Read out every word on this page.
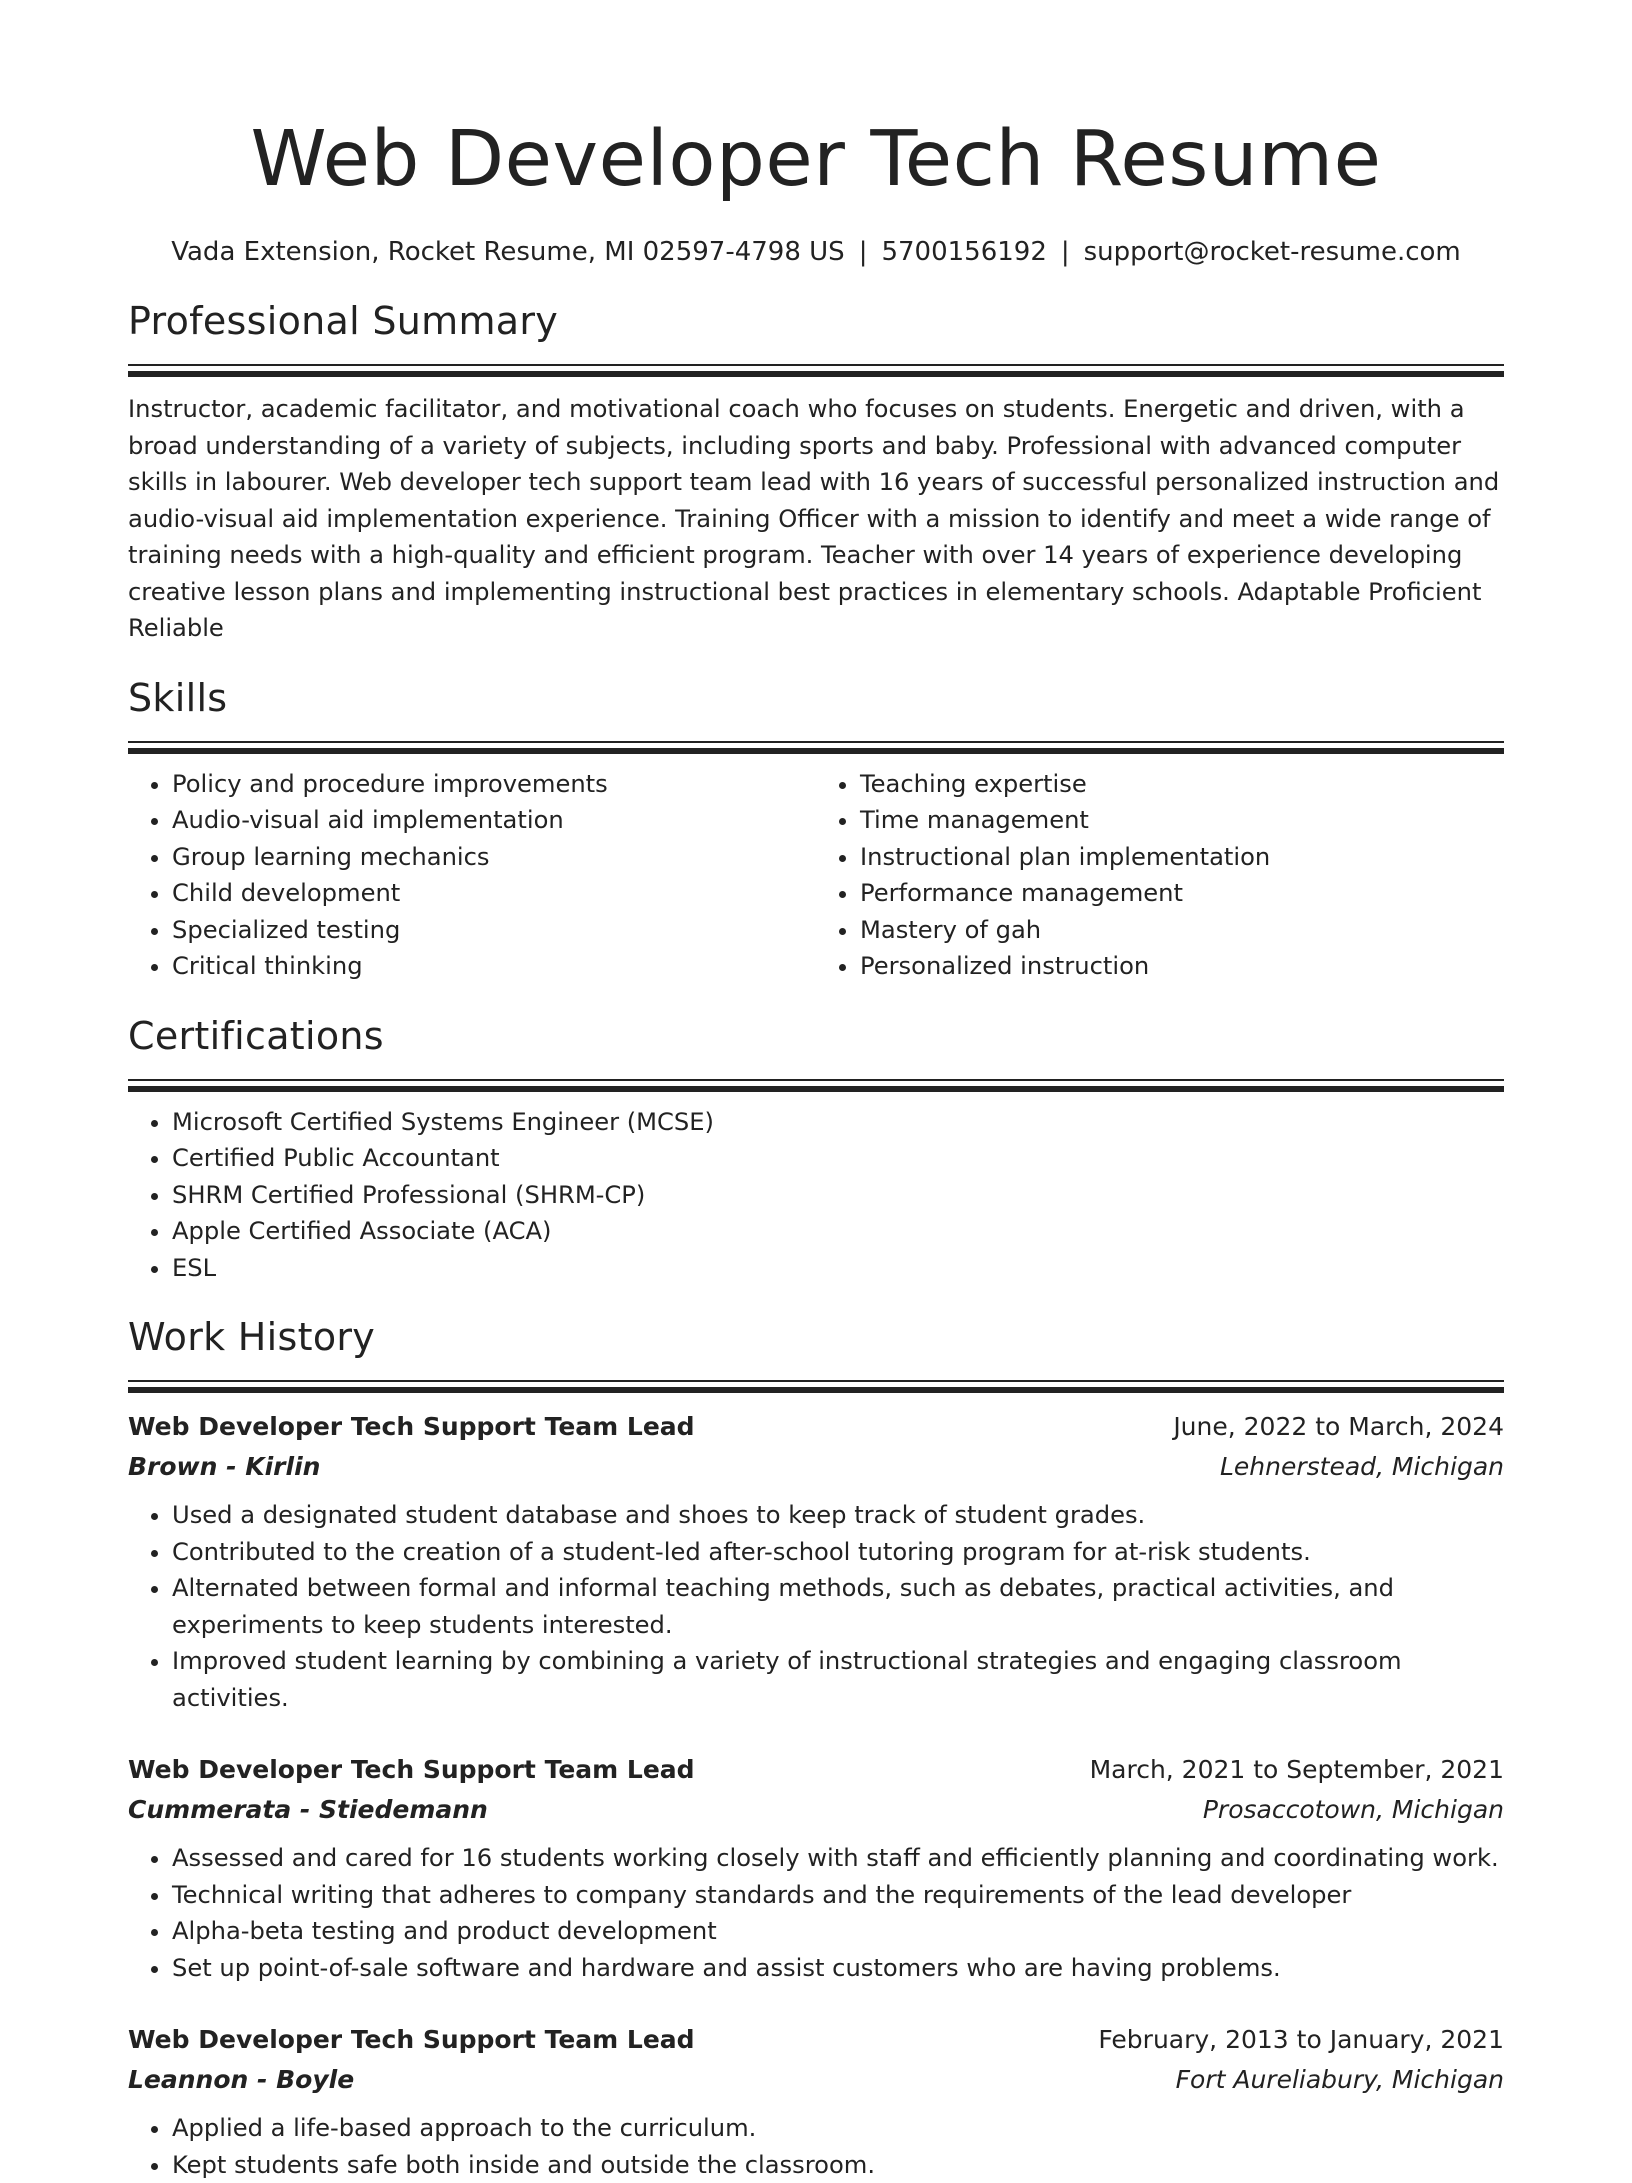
Web Developer Tech Resume
Vada Extension, Rocket Resume, MI 02597-4798 US | 5700156192 | support@rocket-resume.com
Professional Summary

Instructor, academic facilitator, and motivational coach who focuses on students. Energetic and driven, with a broad understanding of a variety of subjects, including sports and baby. Professional with advanced computer skills in labourer. Web developer tech support team lead with 16 years of successful personalized instruction and audio-visual aid implementation experience. Training Officer with a mission to identify and meet a wide range of training needs with a high-quality and efficient program. Teacher with over 14 years of experience developing creative lesson plans and implementing instructional best practices in elementary schools. Adaptable Proficient Reliable

Skills
• Policy and procedure improvements
• Audio-visual aid implementation
• Group learning mechanics
• Child development
• Specialized testing
• Critical thinking
• Teaching expertise
• Time management
• Instructional plan implementation
• Performance management
• Mastery of gah
• Personalized instruction
Certifications
• Microsoft Certified Systems Engineer (MCSE)
• Certified Public Accountant
• SHRM Certified Professional (SHRM-CP)
• Apple Certified Associate (ACA)
• ESL
Work History
Web Developer Tech Support Team Lead	June, 2022 to March, 2024
Brown - Kirlin	Lehnerstead, Michigan
• Used a designated student database and shoes to keep track of student grades.
• Contributed to the creation of a student-led after-school tutoring program for at-risk students.
• Alternated between formal and informal teaching methods, such as debates, practical activities, and experiments to keep students interested.
• Improved student learning by combining a variety of instructional strategies and engaging classroom activities.
Web Developer Tech Support Team Lead	March, 2021 to September, 2021
Cummerata - Stiedemann	Prosaccotown, Michigan
• Assessed and cared for 16 students working closely with staff and efficiently planning and coordinating work.
• Technical writing that adheres to company standards and the requirements of the lead developer
• Alpha-beta testing and product development
• Set up point-of-sale software and hardware and assist customers who are having problems.
Web Developer Tech Support Team Lead	February, 2013 to January, 2021
Leannon - Boyle	Fort Aureliabury, Michigan
• Applied a life-based approach to the curriculum.
• Kept students safe both inside and outside the classroom.
